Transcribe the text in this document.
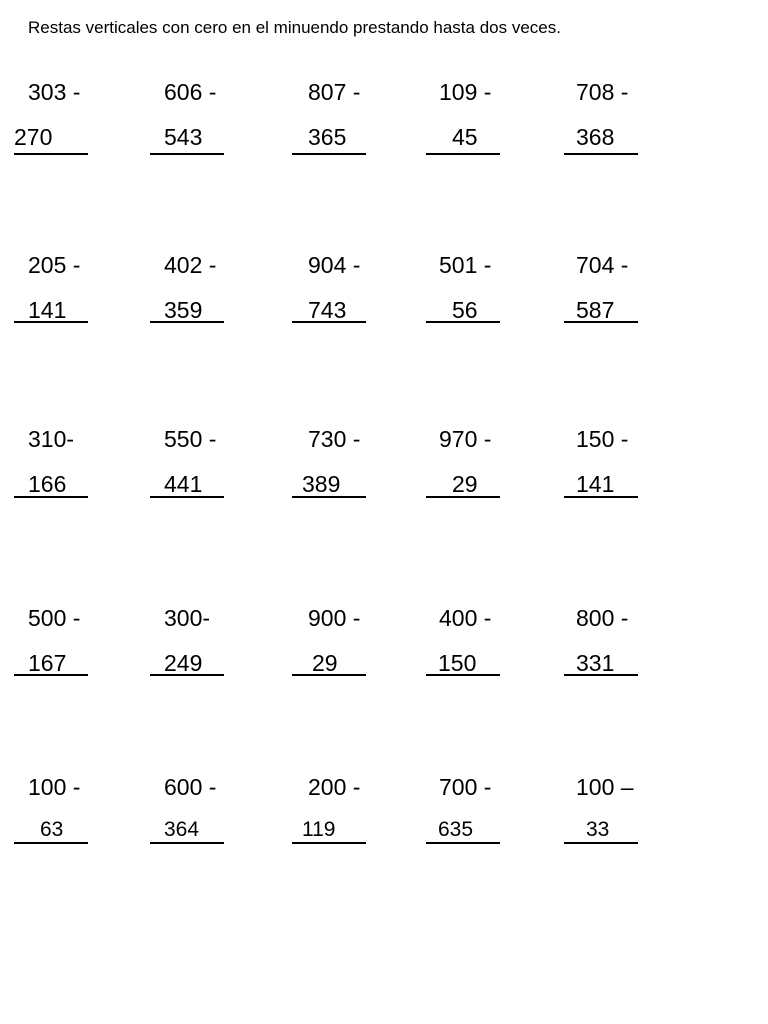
Restas verticales con cero en el minuendo prestando hasta dos veces.
303 -
270
606 -
543
807 -
365
109 -
45
708 -
368
205 -
141
402 -
359
904 -
743
501 -
56
704 -
587
310-
166
550 -
441
730 -
389
970 -
29
150 -
141
500 -
167
300-
249
900 -
29
400 -
150
800 -
331
100 -
63
600 -
364
200 -
119
700 -
635
100 –
33
